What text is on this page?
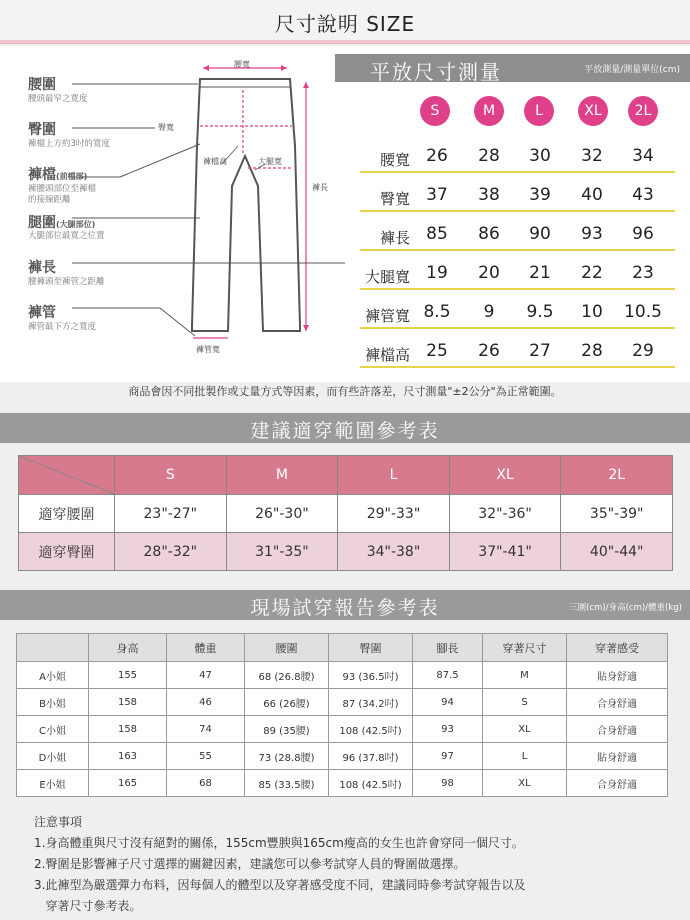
尺寸說明 SIZE
腰圍
腰頭最窄之寬度
臀圍
褲檔上方約3吋的寬度
褲檔(前檔部)
褲腰頭部位至褲檔
的接線距離
腿圍(大腿部位)
大腿部位最寬之位置
褲長
腰褲頭至褲管之距離
褲管
褲管最下方之寬度
腰寬
臀寬
褲檔高	大腿寬
褲長
褲管寬
平放尺寸測量	平放測量/測量單位(cm)
S	M	L	XL	2L
腰寬 26	28	30	32	34
臀寬 37	38	39	40	43
褲長 85	86	90	93	96
大腿寬 19	20	21	22	23
褲管寬 8.5	9	9.5	10	10.5
褲檔高 25	26	27	28	29
商品會因不同批製作或丈量方式等因素，而有些許落差，尺寸測量"±2公分"為正常範圍。
建議適穿範圍參考表
	S	M	L	XL	2L
適穿腰圍	23"-27"	26"-30"	29"-33"	32"-36"	35"-39"
適穿臀圍	28"-32"	31"-35"	34"-38"	37"-41"	40"-44"
現場試穿報告參考表	三圍(cm)/身高(cm)/體重(kg)
	身高	體重	腰圍	臀圍	腳長	穿著尺寸	穿著感受
A小姐	155	47	68 (26.8腰)	93 (36.5吋)	87.5	M	貼身舒適
B小姐	158	46	66 (26腰)	87 (34.2吋)	94	S	合身舒適
C小姐	158	74	89 (35腰)	108 (42.5吋)	93	XL	合身舒適
D小姐	163	55	73 (28.8腰)	96 (37.8吋)	97	L	貼身舒適
E小姐	165	68	85 (33.5腰)	108 (42.5吋)	98	XL	合身舒適
注意事項
1.身高體重與尺寸沒有絕對的關係，155cm豐腴與165cm瘦高的女生也許會穿同一個尺寸。
2.臀圍是影響褲子尺寸選擇的關鍵因素，建議您可以參考試穿人員的臀圍做選擇。
3.此褲型為嚴選彈力布料，因每個人的體型以及穿著感受度不同，建議同時參考試穿報告以及
穿著尺寸參考表。
